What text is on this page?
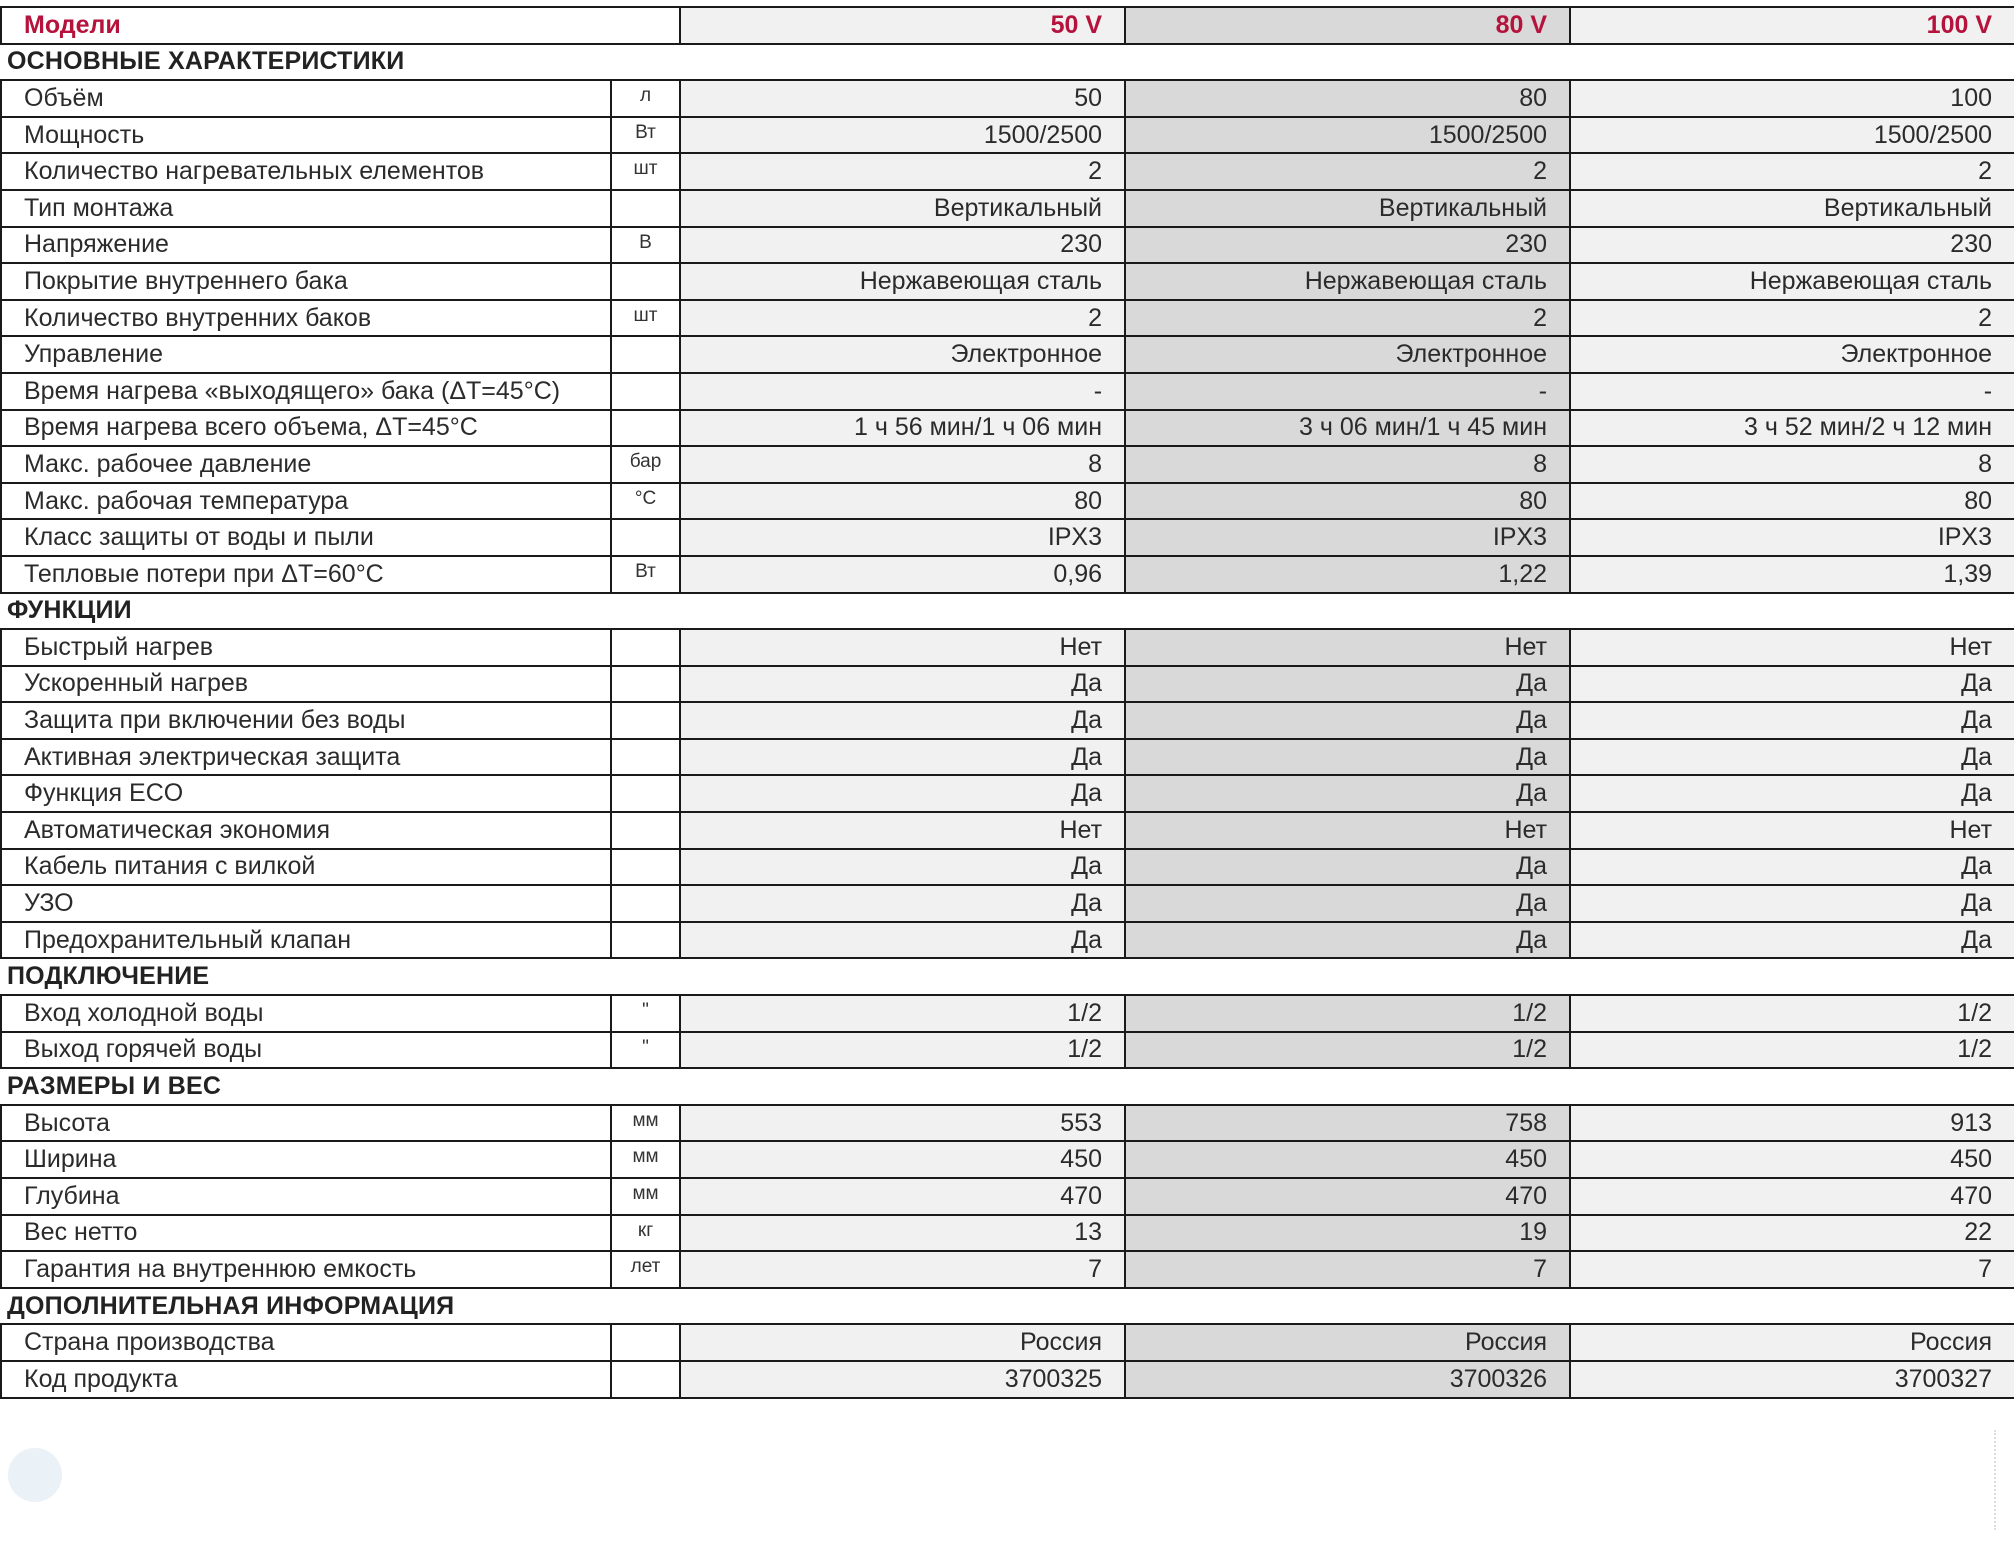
Модели		50 V	80 V	100 V
ОСНОВНЫЕ ХАРАКТЕРИСТИКИ				
Объём	л	50	80	100
Мощность	Вт	1500/2500	1500/2500	1500/2500
Количество нагревательных елементов	шт	2	2	2
Тип монтажа		Вертикальный	Вертикальный	Вертикальный
Напряжение	В	230	230	230
Покрытие внутреннего бака		Нержавеющая сталь	Нержавеющая сталь	Нержавеющая сталь
Количество внутренних баков	шт	2	2	2
Управление		Электронное	Электронное	Электронное
Время нагрева «выходящего» бака (ΔT=45°C)		-	-	-
Время нагрева всего объема, ΔT=45°C		1 ч 56 мин/1 ч 06 мин	3 ч 06 мин/1 ч 45 мин	3 ч 52 мин/2 ч 12 мин
Макс. рабочее давление	бар	8	8	8
Макс. рабочая температура	°C	80	80	80
Класс защиты от воды и пыли		IPX3	IPX3	IPX3
Тепловые потери при ΔT=60°C	Вт	0,96	1,22	1,39
ФУНКЦИИ				
Быстрый нагрев		Нет	Нет	Нет
Ускоренный нагрев		Да	Да	Да
Защита при включении без воды		Да	Да	Да
Активная электрическая защита		Да	Да	Да
Функция ECO		Да	Да	Да
Автоматическая экономия		Нет	Нет	Нет
Кабель питания с вилкой		Да	Да	Да
УЗО		Да	Да	Да
Предохранительный клапан		Да	Да	Да
ПОДКЛЮЧЕНИЕ				
Вход холодной воды	"	1/2	1/2	1/2
Выход горячей воды	"	1/2	1/2	1/2
РАЗМЕРЫ И ВЕС				
Высота	мм	553	758	913
Ширина	мм	450	450	450
Глубина	мм	470	470	470
Вес нетто	кг	13	19	22
Гарантия на внутреннюю емкость	лет	7	7	7
ДОПОЛНИТЕЛЬНАЯ ИНФОРМАЦИЯ				
Страна производства		Россия	Россия	Россия
Код продукта		3700325	3700326	3700327
